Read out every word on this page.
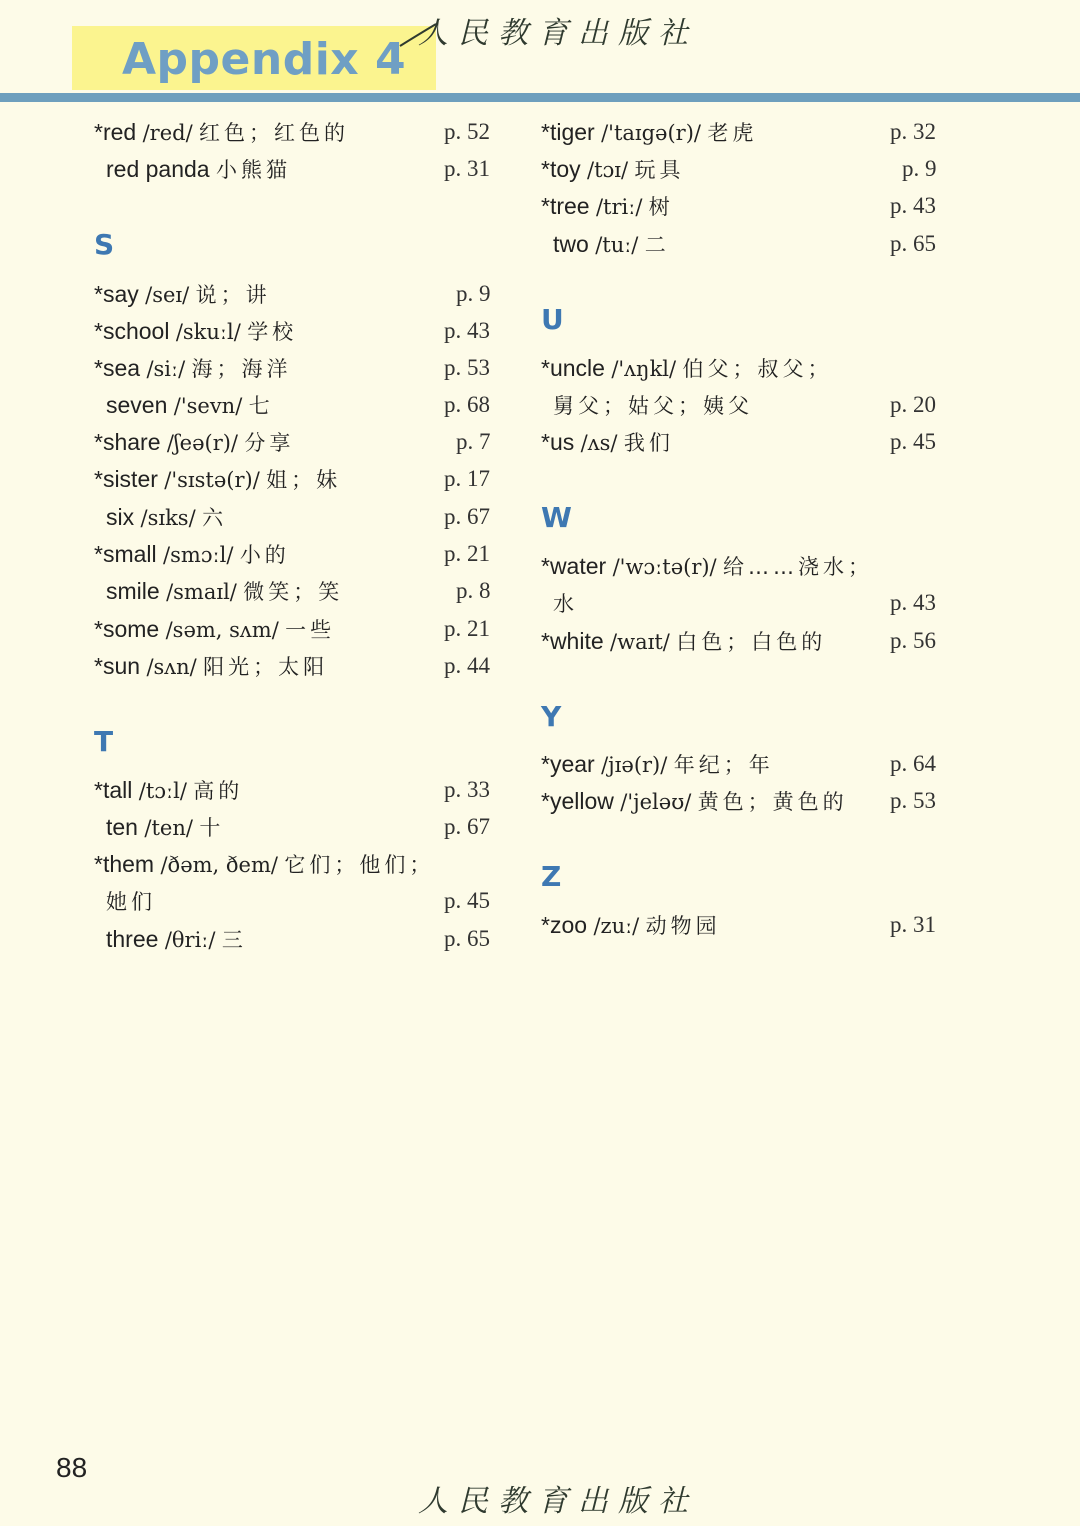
Appendix 4
人民教育出版社
*red /red/ 红色；红色的	p. 52
red panda 小熊猫	p. 31
S
*say /seɪ/ 说；讲	p. 9
*school /skuːl/ 学校	p. 43
*sea /siː/ 海；海洋	p. 53
seven /'sevn/ 七	p. 68
*share /ʃeə(r)/ 分享	p. 7
*sister /'sɪstə(r)/ 姐；妹	p. 17
six /sɪks/ 六	p. 67
*small /smɔːl/ 小的	p. 21
smile /smaɪl/ 微笑；笑	p. 8
*some /səm, sʌm/ 一些	p. 21
*sun /sʌn/ 阳光；太阳	p. 44
T
*tall /tɔːl/ 高的	p. 33
ten /ten/ 十	p. 67
*them /ðəm, ðem/ 它们；他们；
她们	p. 45
three /θriː/ 三	p. 65
*tiger /'taɪgə(r)/ 老虎	p. 32
*toy /tɔɪ/ 玩具	p. 9
*tree /triː/ 树	p. 43
two /tuː/ 二	p. 65
U
*uncle /'ʌŋkl/ 伯父；叔父；
舅父；姑父；姨父	p. 20
*us /ʌs/ 我们	p. 45
W
*water /'wɔːtə(r)/ 给……浇水；
水	p. 43
*white /waɪt/ 白色；白色的	p. 56
Y
*year /jɪə(r)/ 年纪；年	p. 64
*yellow /'jeləʊ/ 黄色；黄色的 p. 53
Z
*zoo /zuː/ 动物园	p. 31
88
人民教育出版社
